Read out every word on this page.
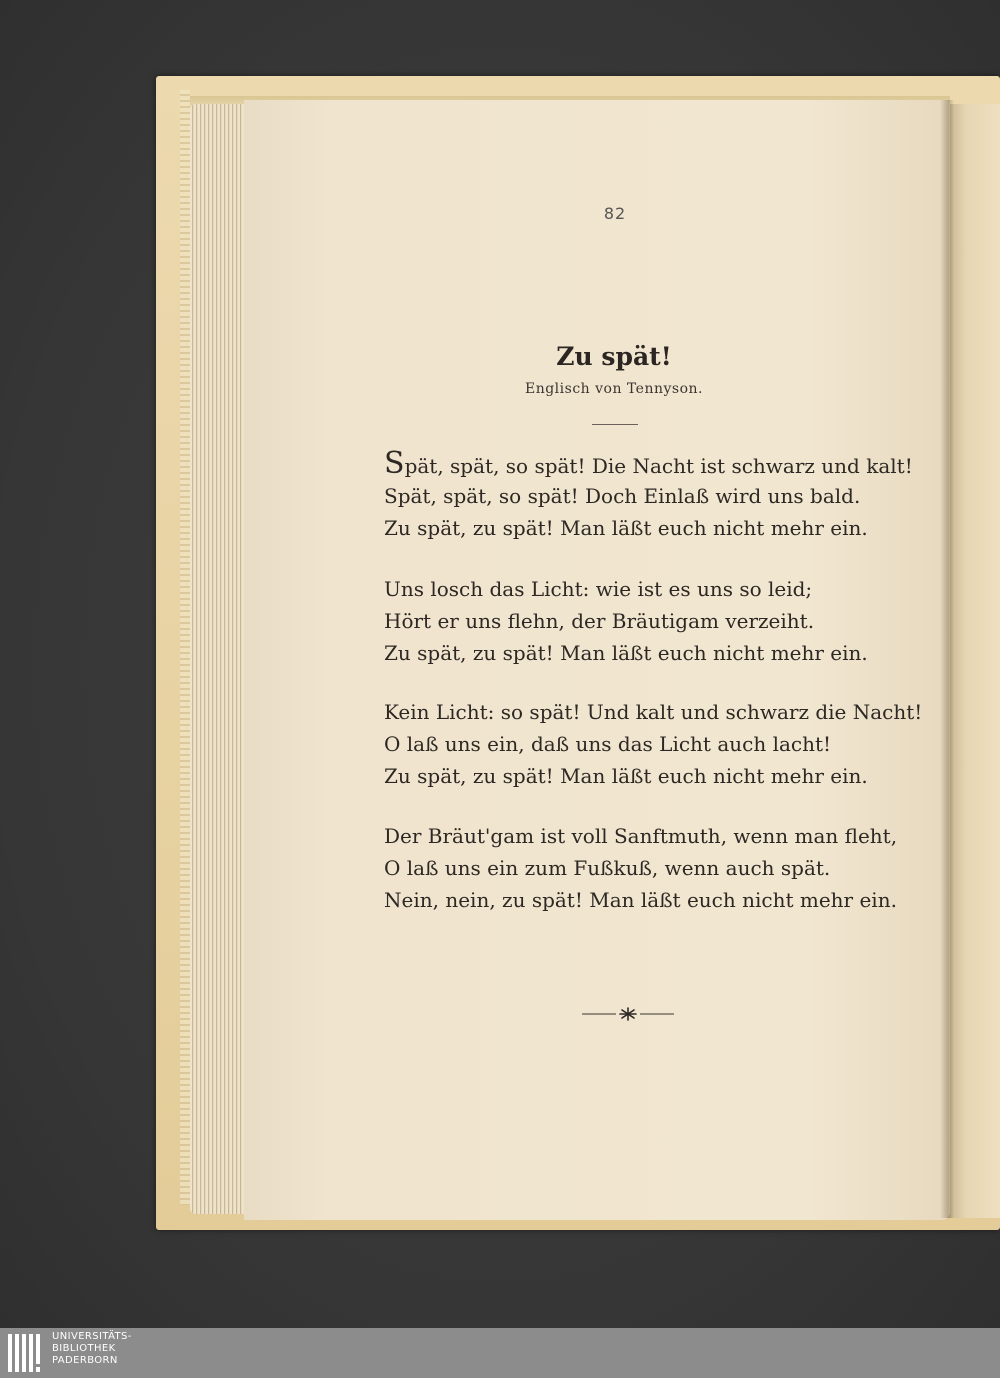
82
Zu spät!
Englisch von Tennyson.
Spät, spät, so spät! Die Nacht ist schwarz und kalt!
Spät, spät, so spät! Doch Einlaß wird uns bald.
Zu spät, zu spät! Man läßt euch nicht mehr ein.
Uns losch das Licht: wie ist es uns so leid;
Hört er uns flehn, der Bräutigam verzeiht.
Zu spät, zu spät! Man läßt euch nicht mehr ein.
Kein Licht: so spät! Und kalt und schwarz die Nacht!
O laß uns ein, daß uns das Licht auch lacht!
Zu spät, zu spät! Man läßt euch nicht mehr ein.
Der Bräut'gam ist voll Sanftmuth, wenn man fleht,
O laß uns ein zum Fußkuß, wenn auch spät.
Nein, nein, zu spät! Man läßt euch nicht mehr ein.
UNIVERSITÄTS-
BIBLIOTHEK
PADERBORN
